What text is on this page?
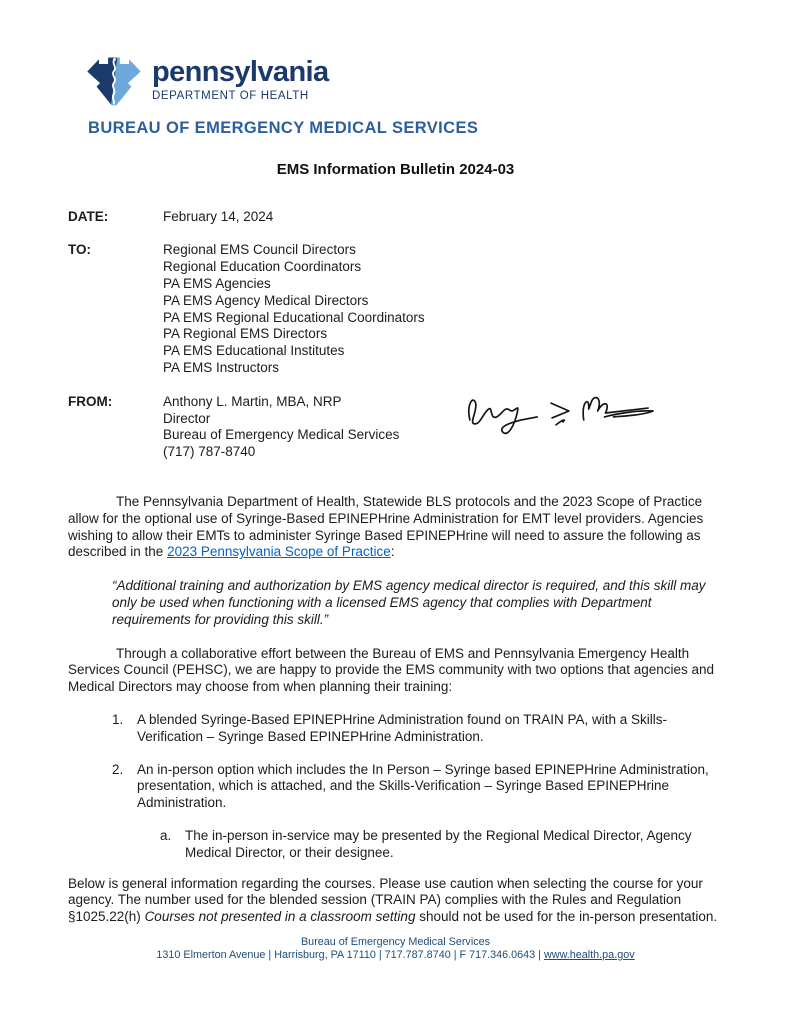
pennsylvania
DEPARTMENT OF HEALTH
BUREAU OF EMERGENCY MEDICAL SERVICES
EMS Information Bulletin 2024-03
DATE:	February 14, 2024
TO:	Regional EMS Council Directors
Regional Education Coordinators
PA EMS Agencies
PA EMS Agency Medical Directors
PA EMS Regional Educational Coordinators
PA Regional EMS Directors
PA EMS Educational Institutes
PA EMS Instructors
FROM:	Anthony L. Martin, MBA, NRP
Director
Bureau of Emergency Medical Services
(717) 787-8740
The Pennsylvania Department of Health, Statewide BLS protocols and the 2023 Scope of Practice allow for the optional use of Syringe-Based EPINEPHrine Administration for EMT level providers. Agencies wishing to allow their EMTs to administer Syringe Based EPINEPHrine will need to assure the following as described in the 2023 Pennsylvania Scope of Practice:
“Additional training and authorization by EMS agency medical director is required, and this skill may only be used when functioning with a licensed EMS agency that complies with Department requirements for providing this skill.”
Through a collaborative effort between the Bureau of EMS and Pennsylvania Emergency Health Services Council (PEHSC), we are happy to provide the EMS community with two options that agencies and Medical Directors may choose from when planning their training:
1.	A blended Syringe-Based EPINEPHrine Administration found on TRAIN PA, with a Skills-Verification – Syringe Based EPINEPHrine Administration.
2.	An in-person option which includes the In Person – Syringe based EPINEPHrine Administration, presentation, which is attached, and the Skills-Verification – Syringe Based EPINEPHrine Administration.
a.	The in-person in-service may be presented by the Regional Medical Director, Agency Medical Director, or their designee.
Below is general information regarding the courses. Please use caution when selecting the course for your agency. The number used for the blended session (TRAIN PA) complies with the Rules and Regulation §1025.22(h) Courses not presented in a classroom setting should not be used for the in-person presentation.
Bureau of Emergency Medical Services
1310 Elmerton Avenue | Harrisburg, PA 17110 | 717.787.8740 | F 717.346.0643 | www.health.pa.gov
